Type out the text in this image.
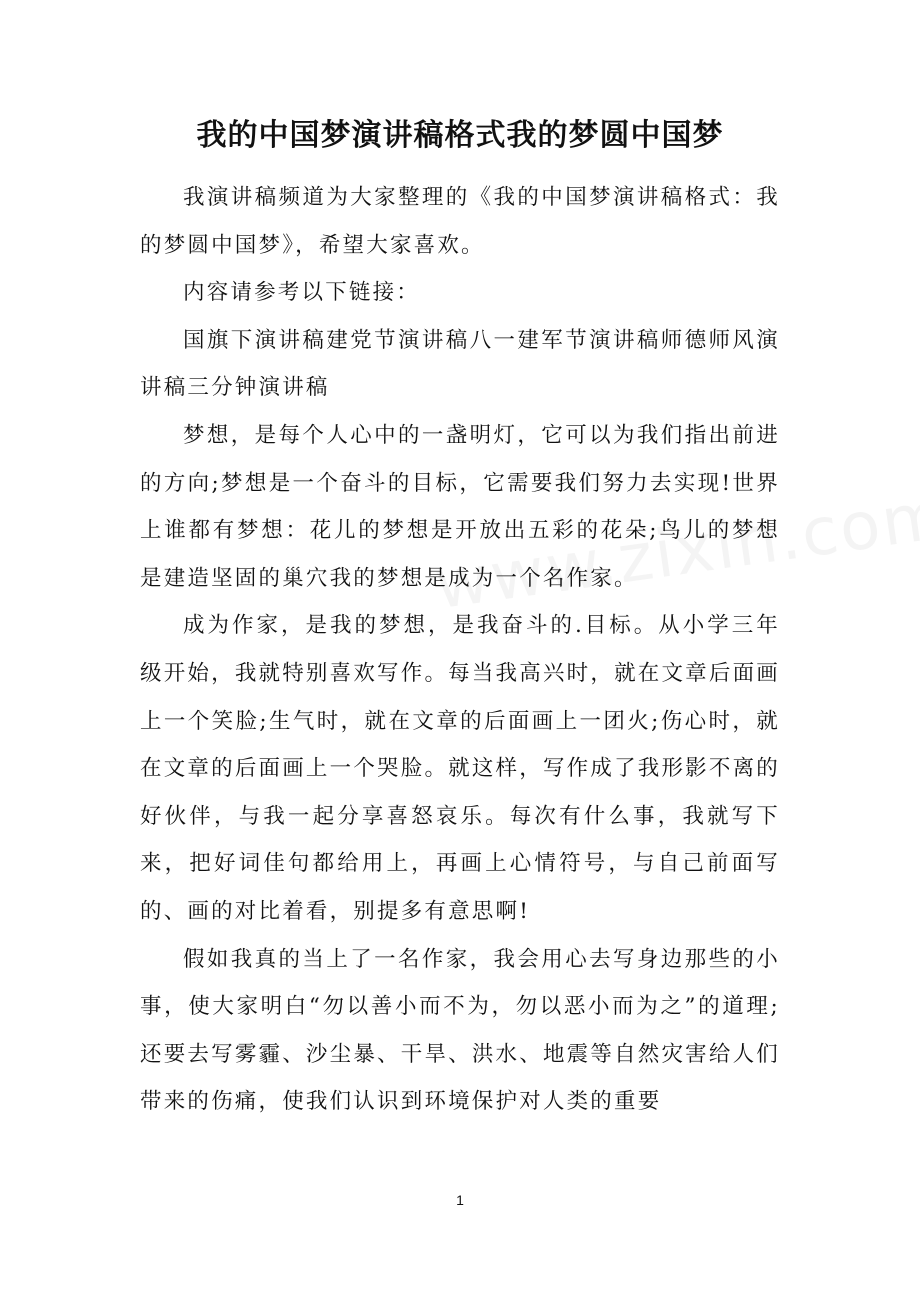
我的中国梦演讲稿格式我的梦圆中国梦

我演讲稿频道为大家整理的《我的中国梦演讲稿格式：我的梦圆中国梦》，希望大家喜欢。

内容请参考以下链接：

国旗下演讲稿建党节演讲稿八一建军节演讲稿师德师风演讲稿三分钟演讲稿

梦想，是每个人心中的一盏明灯，它可以为我们指出前进的方向;梦想是一个奋斗的目标，它需要我们努力去实现!世界上谁都有梦想：花儿的梦想是开放出五彩的花朵;鸟儿的梦想是建造坚固的巢穴我的梦想是成为一个名作家。

成为作家，是我的梦想，是我奋斗的.目标。从小学三年级开始，我就特别喜欢写作。每当我高兴时，就在文章后面画上一个笑脸;生气时，就在文章的后面画上一团火;伤心时，就在文章的后面画上一个哭脸。就这样，写作成了我形影不离的好伙伴，与我一起分享喜怒哀乐。每次有什么事，我就写下来，把好词佳句都给用上，再画上心情符号，与自己前面写的、画的对比着看，别提多有意思啊!

假如我真的当上了一名作家，我会用心去写身边那些的小事，使大家明白“勿以善小而不为，勿以恶小而为之”的道理;还要去写雾霾、沙尘暴、干旱、洪水、地震等自然灾害给人们带来的伤痛，使我们认识到环境保护对人类的重要

1
